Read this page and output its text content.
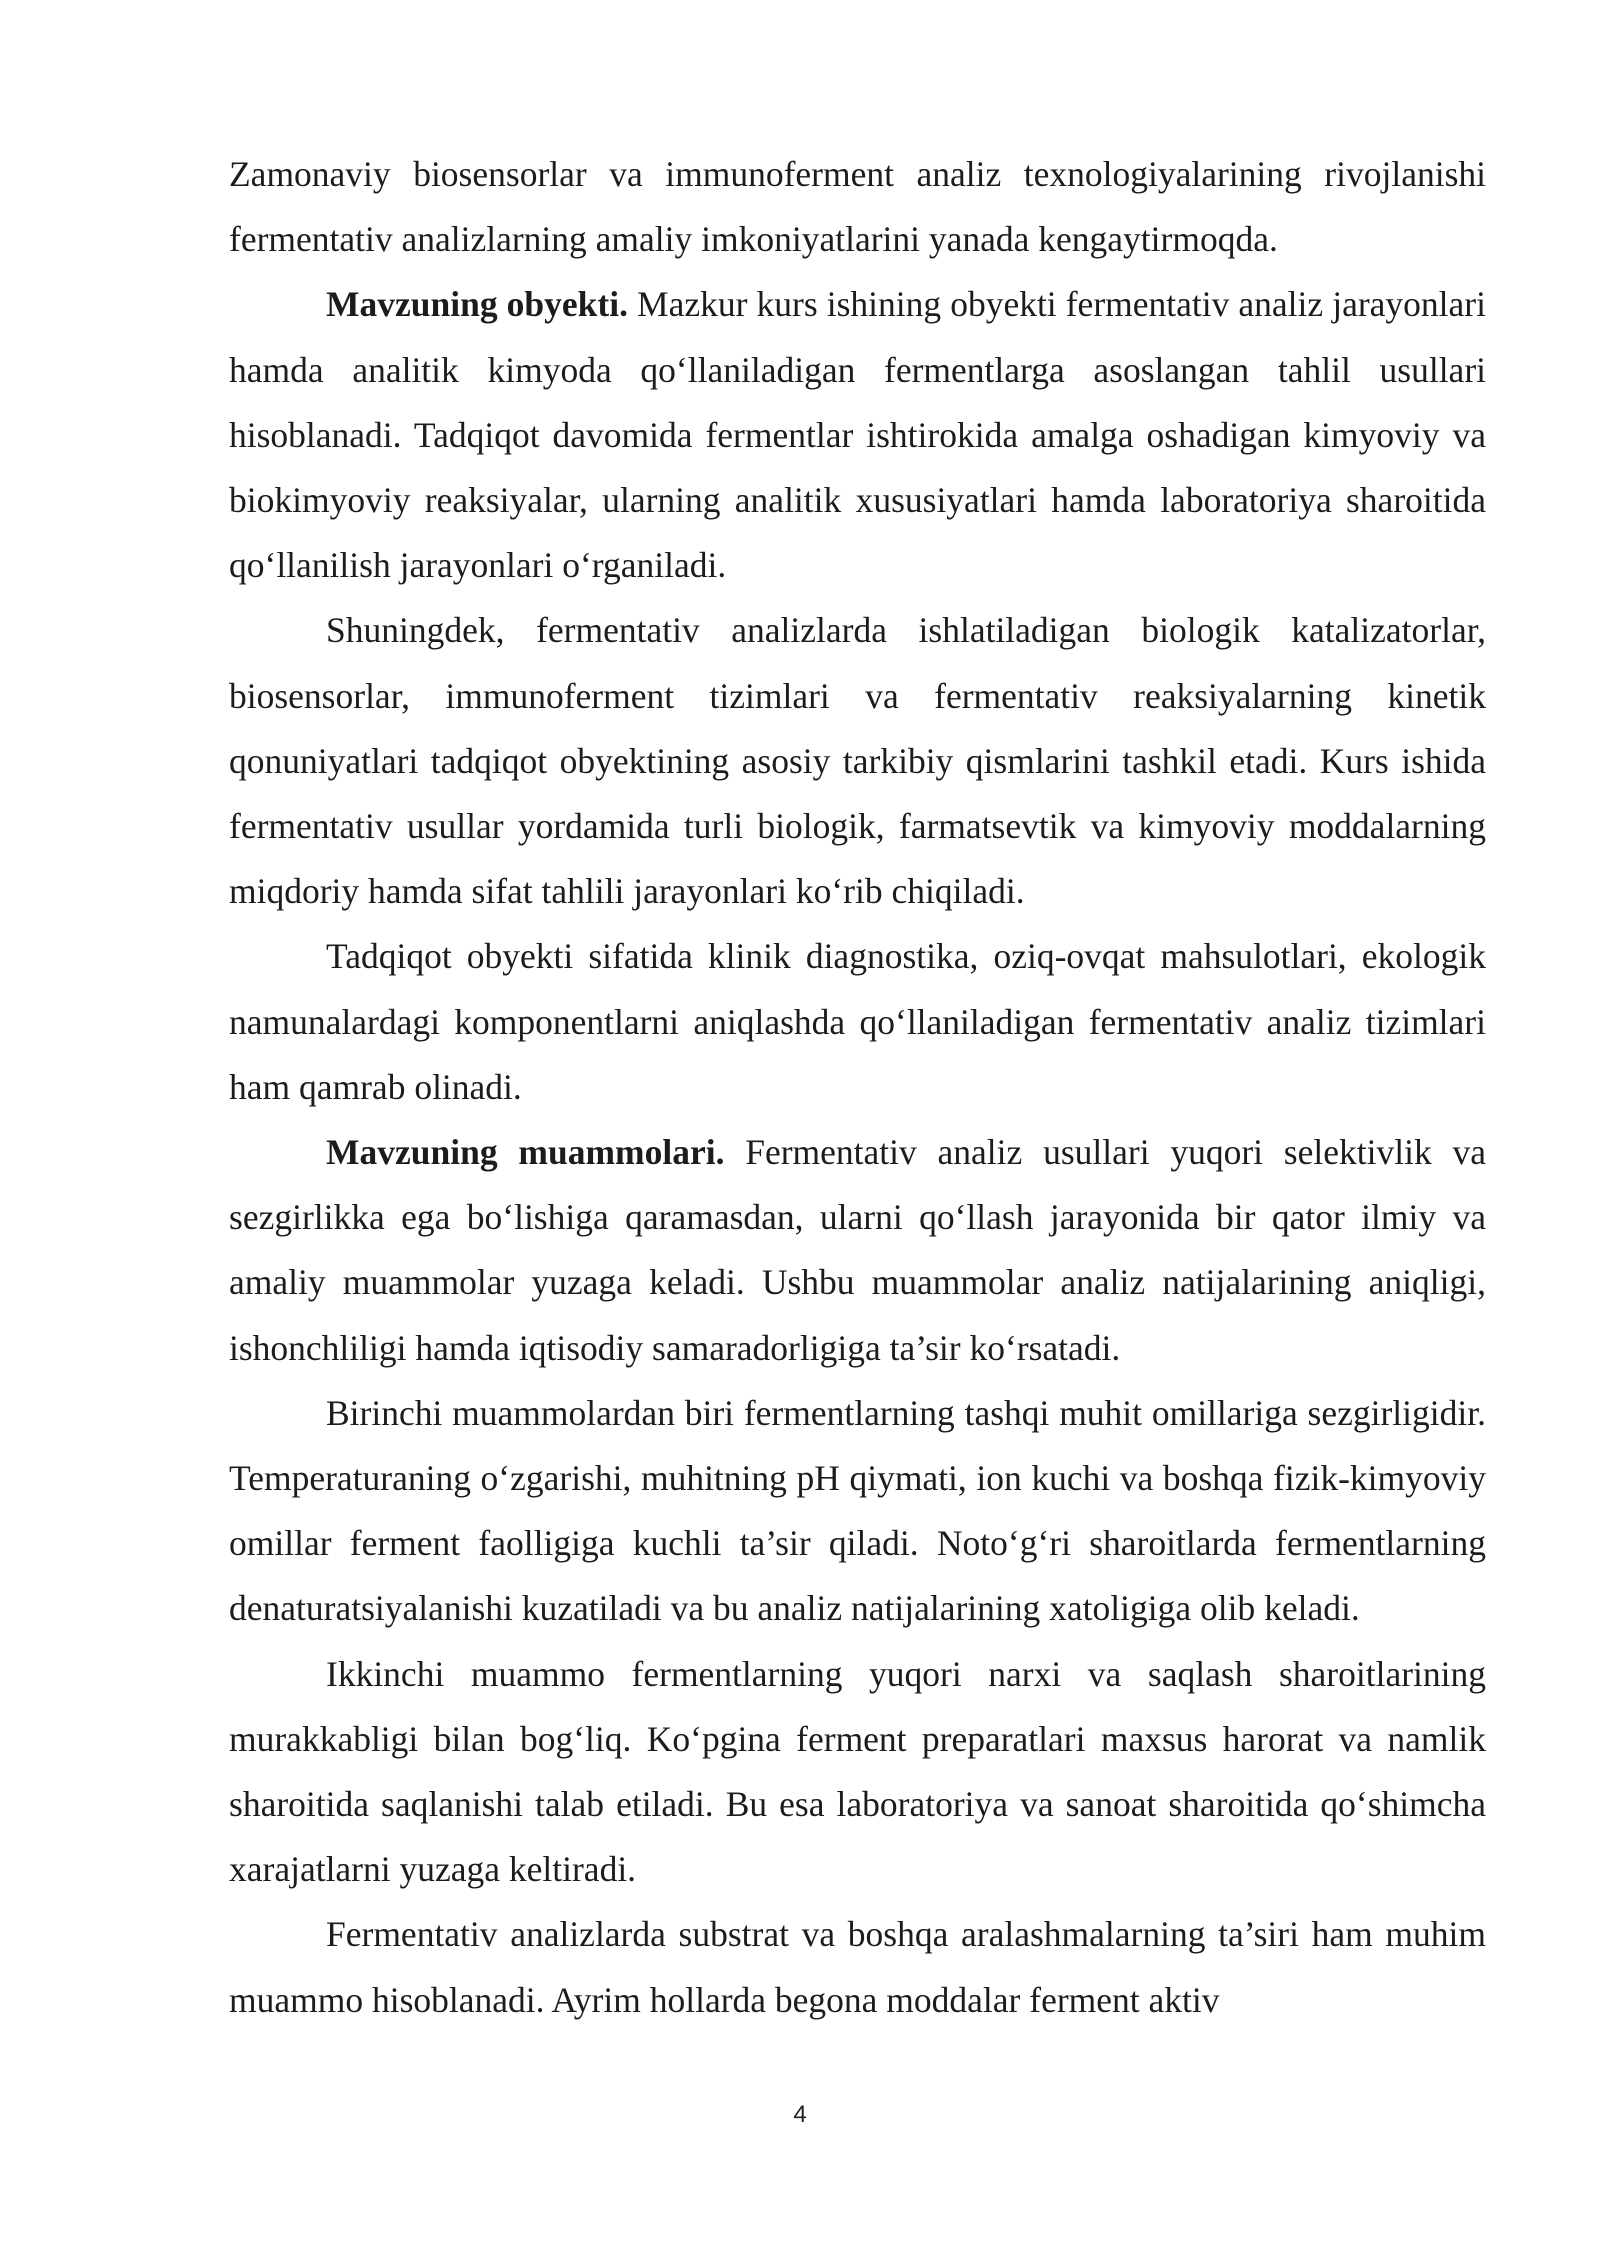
Zamonaviy biosensorlar va immunoferment analiz texnologiyalarining rivojlanishi fermentativ analizlarning amaliy imkoniyatlarini yanada kengaytirmoqda.

Mavzuning obyekti. Mazkur kurs ishining obyekti fermentativ analiz jarayonlari hamda analitik kimyoda qo‘llaniladigan fermentlarga asoslangan tahlil usullari hisoblanadi. Tadqiqot davomida fermentlar ishtirokida amalga oshadigan kimyoviy va biokimyoviy reaksiyalar, ularning analitik xususiyatlari hamda laboratoriya sharoitida qo‘llanilish jarayonlari o‘rganiladi.

Shuningdek, fermentativ analizlarda ishlatiladigan biologik katalizatorlar, biosensorlar, immunoferment tizimlari va fermentativ reaksiyalarning kinetik qonuniyatlari tadqiqot obyektining asosiy tarkibiy qismlarini tashkil etadi. Kurs ishida fermentativ usullar yordamida turli biologik, farmatsevtik va kimyoviy moddalarning miqdoriy hamda sifat tahlili jarayonlari ko‘rib chiqiladi.

Tadqiqot obyekti sifatida klinik diagnostika, oziq-ovqat mahsulotlari, ekologik namunalardagi komponentlarni aniqlashda qo‘llaniladigan fermentativ analiz tizimlari ham qamrab olinadi.

Mavzuning muammolari. Fermentativ analiz usullari yuqori selektivlik va sezgirlikka ega bo‘lishiga qaramasdan, ularni qo‘llash jarayonida bir qator ilmiy va amaliy muammolar yuzaga keladi. Ushbu muammolar analiz natijalarining aniqligi, ishonchliligi hamda iqtisodiy samaradorligiga ta’sir ko‘rsatadi.

Birinchi muammolardan biri fermentlarning tashqi muhit omillariga sezgirligidir. Temperaturaning o‘zgarishi, muhitning pH qiymati, ion kuchi va boshqa fizik-kimyoviy omillar ferment faolligiga kuchli ta’sir qiladi. Noto‘g‘ri sharoitlarda fermentlarning denaturatsiyalanishi kuzatiladi va bu analiz natijalarining xatoligiga olib keladi.

Ikkinchi muammo fermentlarning yuqori narxi va saqlash sharoitlarining murakkabligi bilan bog‘liq. Ko‘pgina ferment preparatlari maxsus harorat va namlik sharoitida saqlanishi talab etiladi. Bu esa laboratoriya va sanoat sharoitida qo‘shimcha xarajatlarni yuzaga keltiradi.

Fermentativ analizlarda substrat va boshqa aralashmalarning ta’siri ham muhim muammo hisoblanadi. Ayrim hollarda begona moddalar ferment aktiv

4
